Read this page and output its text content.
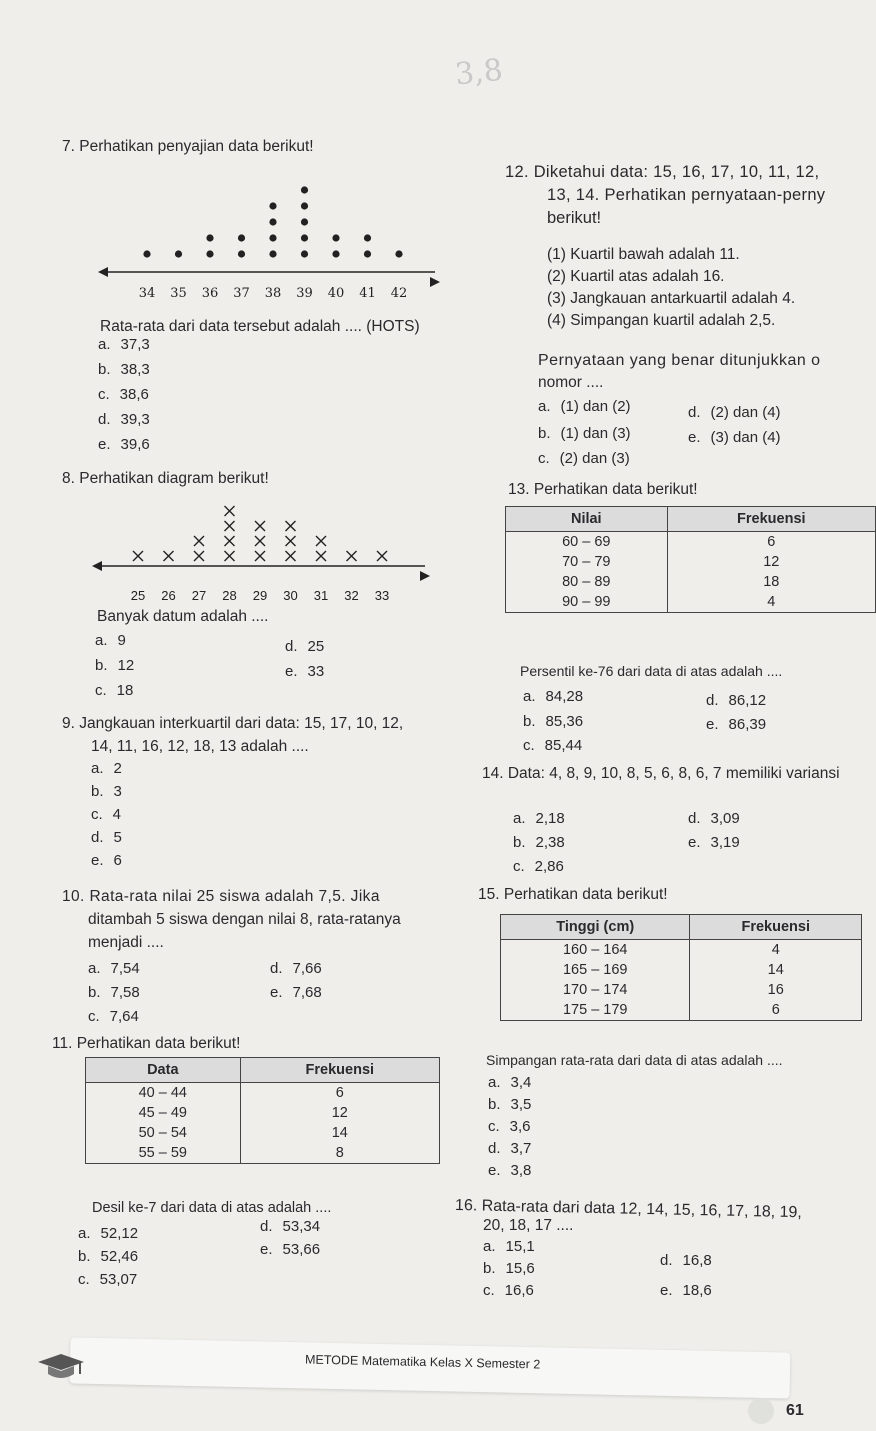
3,8
7. Perhatikan penyajian data berikut!
34 35 36 37 38 39 40 41 42
Rata-rata dari data tersebut adalah .... (HOTS)
a. 37,3
b. 38,3
c. 38,6
d. 39,3
e. 39,6
8. Perhatikan diagram berikut!
25 26 27 28 29 30 31 32 33
Banyak datum adalah ....
a. 9
b. 12
c. 18
d. 25
e. 33
9. Jangkauan interkuartil dari data: 15, 17, 10, 12,
14, 11, 16, 12, 18, 13 adalah ....
a. 2
b. 3
c. 4
d. 5
e. 6
10. Rata-rata nilai 25 siswa adalah 7,5. Jika
ditambah 5 siswa dengan nilai 8, rata-ratanya
menjadi ....
a. 7,54
b. 7,58
c. 7,64
d. 7,66
e. 7,68
11. Perhatikan data berikut!
Data	Frekuensi
40 – 44	6
45 – 49	12
50 – 54	14
55 – 59	8
Desil ke-7 dari data di atas adalah ....
a. 52,12
b. 52,46
c. 53,07
d. 53,34
e. 53,66
12. Diketahui data: 15, 16, 17, 10, 11, 12,
13, 14. Perhatikan pernyataan-perny
berikut!
(1) Kuartil bawah adalah 11.
(2) Kuartil atas adalah 16.
(3) Jangkauan antarkuartil adalah 4.
(4) Simpangan kuartil adalah 2,5.
Pernyataan yang benar ditunjukkan o
nomor ....
a. (1) dan (2)
b. (1) dan (3)
c. (2) dan (3)
d. (2) dan (4)
e. (3) dan (4)
13. Perhatikan data berikut!
Nilai	Frekuensi
60 – 69	6
70 – 79	12
80 – 89	18
90 – 99	4
Persentil ke-76 dari data di atas adalah ....
a. 84,28
b. 85,36
c. 85,44
d. 86,12
e. 86,39
14. Data: 4, 8, 9, 10, 8, 5, 6, 8, 6, 7 memiliki variansi
a. 2,18
b. 2,38
c. 2,86
d. 3,09
e. 3,19
15. Perhatikan data berikut!
Tinggi (cm)	Frekuensi
160 – 164	4
165 – 169	14
170 – 174	16
175 – 179	6
Simpangan rata-rata dari data di atas adalah ....
a. 3,4
b. 3,5
c. 3,6
d. 3,7
e. 3,8
16. Rata-rata dari data 12, 14, 15, 16, 17, 18, 19,
20, 18, 17 ....
a. 15,1
b. 15,6
c. 16,6
d. 16,8
e. 18,6
METODE Matematika Kelas X Semester 2
61
